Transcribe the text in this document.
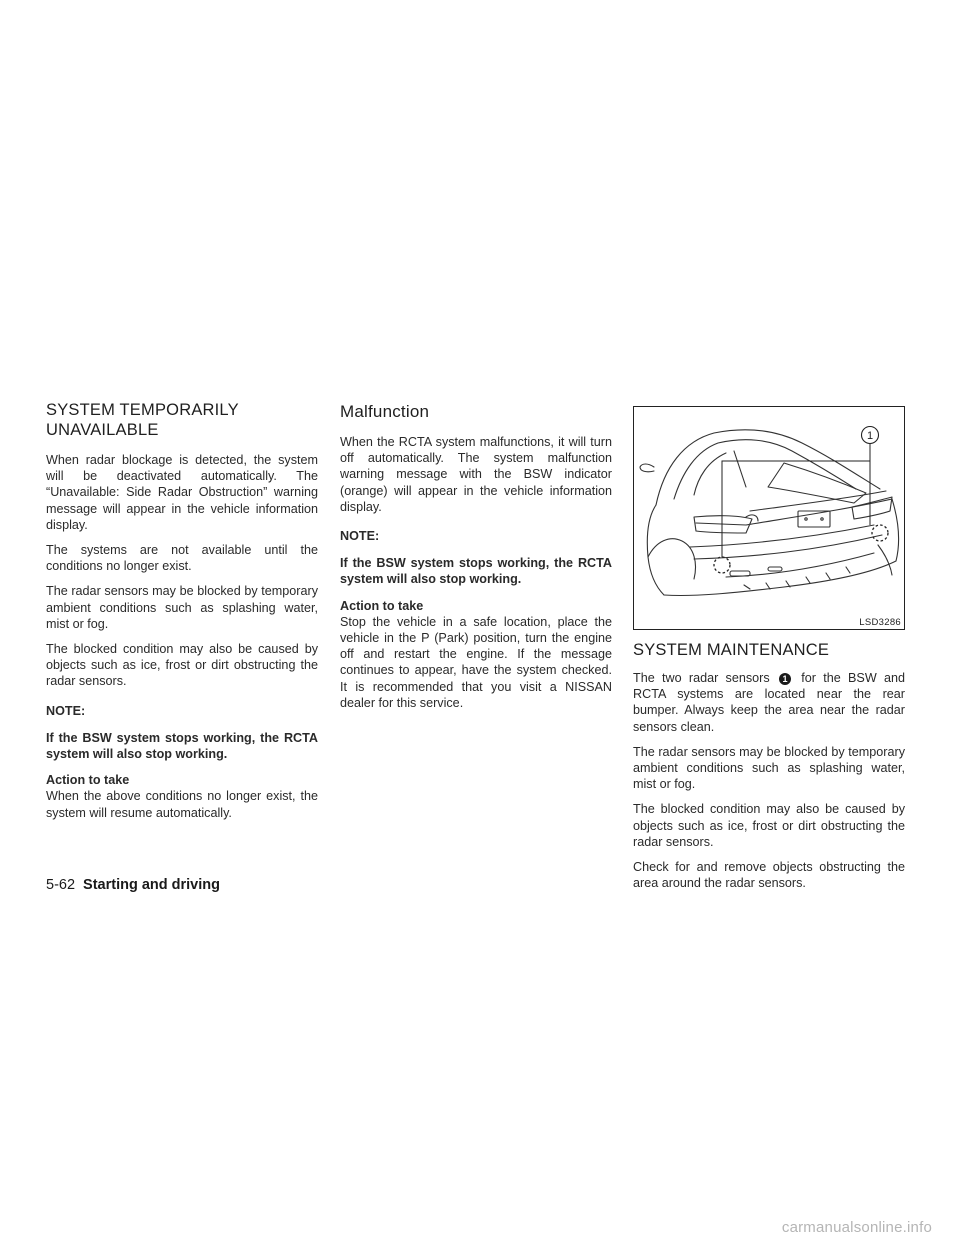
SYSTEM TEMPORARILY
UNAVAILABLE

When radar blockage is detected, the system will be deactivated automatically. The “Unavailable: Side Radar Obstruction” warning message will appear in the vehicle information display.

The systems are not available until the conditions no longer exist.

The radar sensors may be blocked by temporary ambient conditions such as splashing water, mist or fog.

The blocked condition may also be caused by objects such as ice, frost or dirt obstructing the radar sensors.

NOTE:

If the BSW system stops working, the RCTA system will also stop working.

Action to take
When the above conditions no longer exist, the system will resume automatically.

Malfunction

When the RCTA system malfunctions, it will turn off automatically. The system malfunction warning message with the BSW indicator (orange) will appear in the vehicle information display.

NOTE:

If the BSW system stops working, the RCTA system will also stop working.

Action to take
Stop the vehicle in a safe location, place the vehicle in the P (Park) position, turn the engine off and restart the engine. If the message continues to appear, have the system checked. It is recommended that you visit a NISSAN dealer for this service.

1
LSD3286
SYSTEM MAINTENANCE

The two radar sensors 1 for the BSW and RCTA systems are located near the rear bumper. Always keep the area near the radar sensors clean.

The radar sensors may be blocked by temporary ambient conditions such as splashing water, mist or fog.

The blocked condition may also be caused by objects such as ice, frost or dirt obstructing the radar sensors.

Check for and remove objects obstructing the area around the radar sensors.

5-62 Starting and driving
carmanualsonline.info
